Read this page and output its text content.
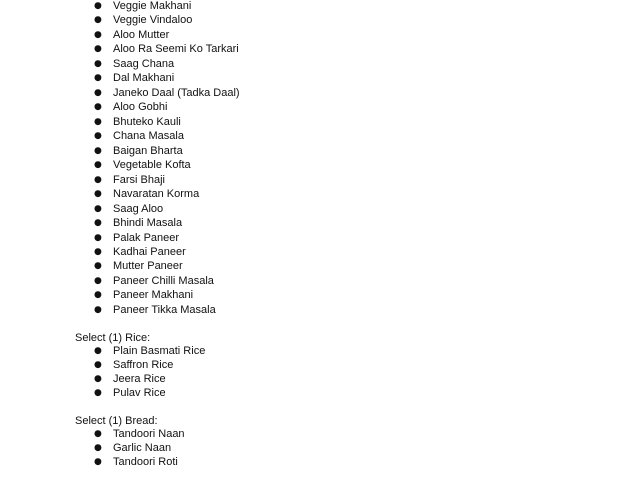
● Veggie Makhani
● Veggie Vindaloo
● Aloo Mutter
● Aloo Ra Seemi Ko Tarkari
● Saag Chana
● Dal Makhani
● Janeko Daal (Tadka Daal)
● Aloo Gobhi
● Bhuteko Kauli
● Chana Masala
● Baigan Bharta
● Vegetable Kofta
● Farsi Bhaji
● Navaratan Korma
● Saag Aloo
● Bhindi Masala
● Palak Paneer
● Kadhai Paneer
● Mutter Paneer
● Paneer Chilli Masala
● Paneer Makhani
● Paneer Tikka Masala
Select (1) Rice:
● Plain Basmati Rice
● Saffron Rice
● Jeera Rice
● Pulav Rice
Select (1) Bread:
● Tandoori Naan
● Garlic Naan
● Tandoori Roti
